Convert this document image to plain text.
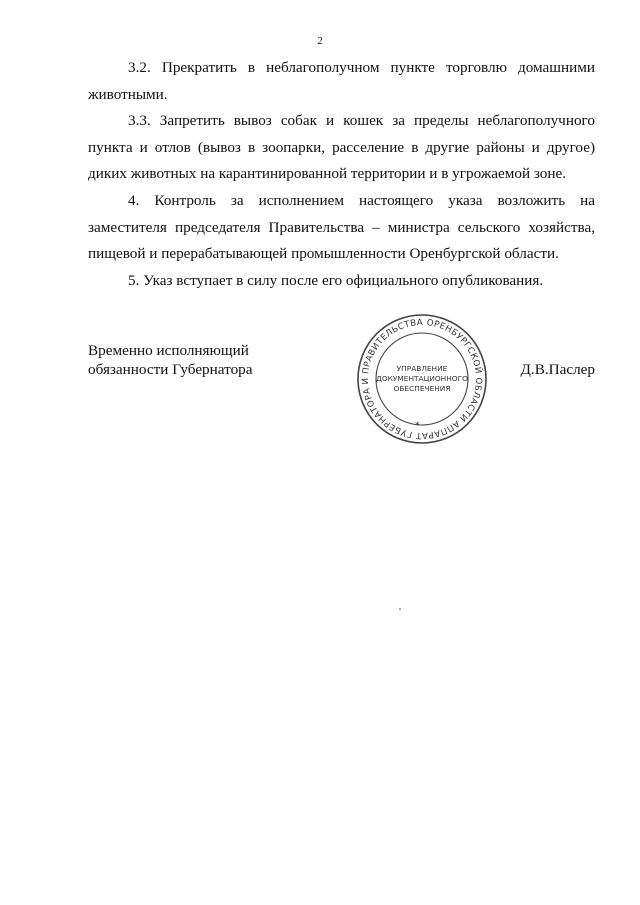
2

3.2. Прекратить в неблагополучном пункте торговлю домашними животными.

3.3. Запретить вывоз собак и кошек за пределы неблагополучного пункта и отлов (вывоз в зоопарки, расселение в другие районы и другое) диких животных на карантинированной территории и в угрожаемой зоне.

4. Контроль за исполнением настоящего указа возложить на заместителя председателя Правительства – министра сельского хозяйства, пищевой и перерабатывающей промышленности Оренбургской области.

5. Указ вступает в силу после его официального опубликования.

Временно исполняющий
обязанности Губернатора	Д.В.Паслер
АППАРАТ ГУБЕРНАТОРА И ПРАВИТЕЛЬСТВА ОРЕНБУРГСКОЙ ОБЛАСТИ
*
УПРАВЛЕНИЕ
ДОКУМЕНТАЦИОННОГО
ОБЕСПЕЧЕНИЯ
